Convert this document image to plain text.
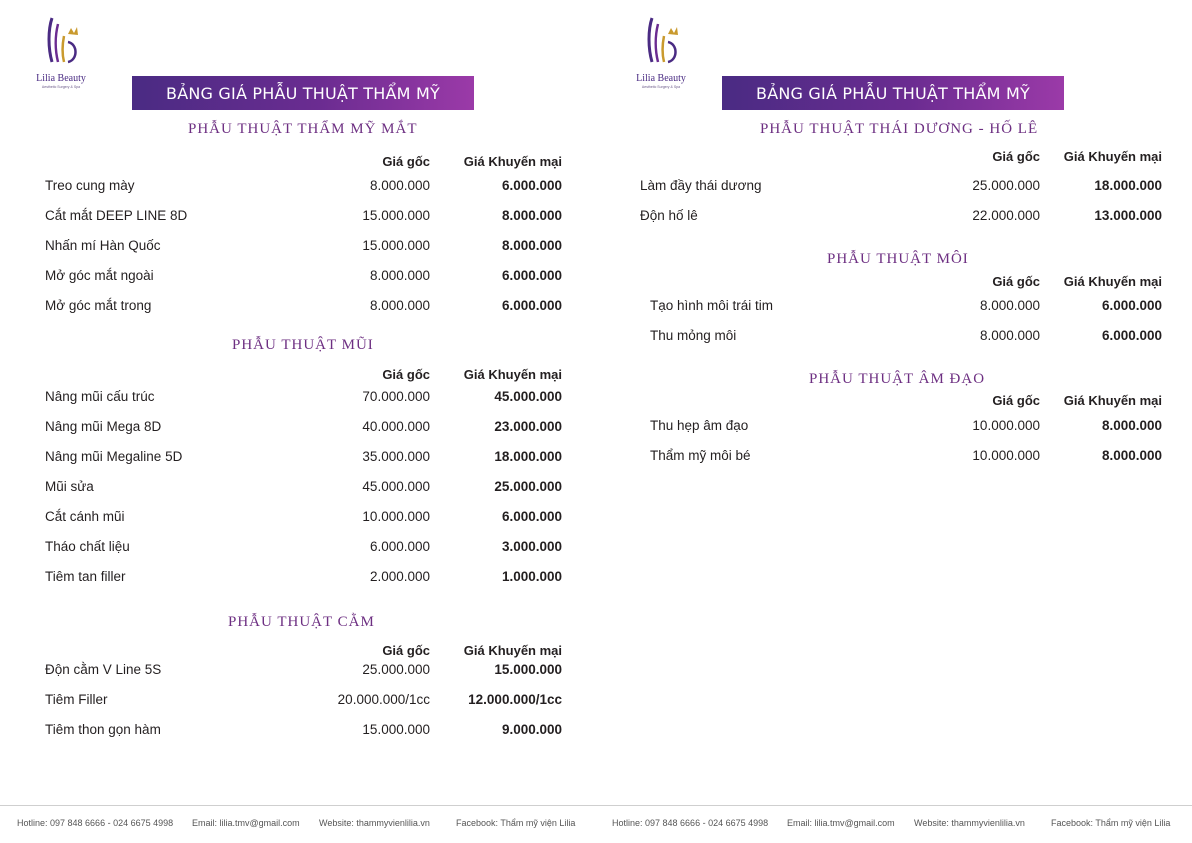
Lilia Beauty
Aesthetic Surgery & Spa	BẢNG GIÁ PHẪU THUẬT THẨM MỸ
PHẪU THUẬT THẨM MỸ MẮT
Giá gốc	Giá Khuyến mại
Treo cung mày	8.000.000	6.000.000
Cắt mắt DEEP LINE 8D	15.000.000	8.000.000
Nhấn mí Hàn Quốc	15.000.000	8.000.000
Mở góc mắt ngoài	8.000.000	6.000.000
Mở góc mắt trong	8.000.000	6.000.000
PHẪU THUẬT MŨI
Giá gốc	Giá Khuyến mại
Nâng mũi cấu trúc	70.000.000	45.000.000
Nâng mũi Mega 8D	40.000.000	23.000.000
Nâng mũi Megaline 5D	35.000.000	18.000.000
Mũi sửa	45.000.000	25.000.000
Cắt cánh mũi	10.000.000	6.000.000
Tháo chất liệu	6.000.000	3.000.000
Tiêm tan filler	2.000.000	1.000.000
PHẪU THUẬT CẰM
Giá gốc	Giá Khuyến mại
Độn cằm V Line 5S	25.000.000	15.000.000
Tiêm Filler	20.000.000/1cc	12.000.000/1cc
Tiêm thon gọn hàm	15.000.000	9.000.000
Lilia Beauty
Aesthetic Surgery & Spa	BẢNG GIÁ PHẪU THUẬT THẨM MỸ
PHẪU THUẬT THÁI DƯƠNG - HỐ LÊ
Giá gốc	Giá Khuyến mại
Làm đầy thái dương	25.000.000	18.000.000
Độn hố lê	22.000.000	13.000.000
PHẪU THUẬT MÔI
Giá gốc	Giá Khuyến mại
Tạo hình môi trái tim	8.000.000	6.000.000
Thu mỏng môi	8.000.000	6.000.000
PHẪU THUẬT ÂM ĐẠO
Giá gốc	Giá Khuyến mại
Thu hẹp âm đạo	10.000.000	8.000.000
Thẩm mỹ môi bé	10.000.000	8.000.000
Hotline: 097 848 6666 - 024 6675 4998 Email: lilia.tmv@gmail.com Website: thammyvienlilia.vn	Facebook: Thẩm mỹ viện Lilia	Hotline: 097 848 6666 - 024 6675 4998 Email: lilia.tmv@gmail.com Website: thammyvienlilia.vn	Facebook: Thẩm mỹ viện Lilia
